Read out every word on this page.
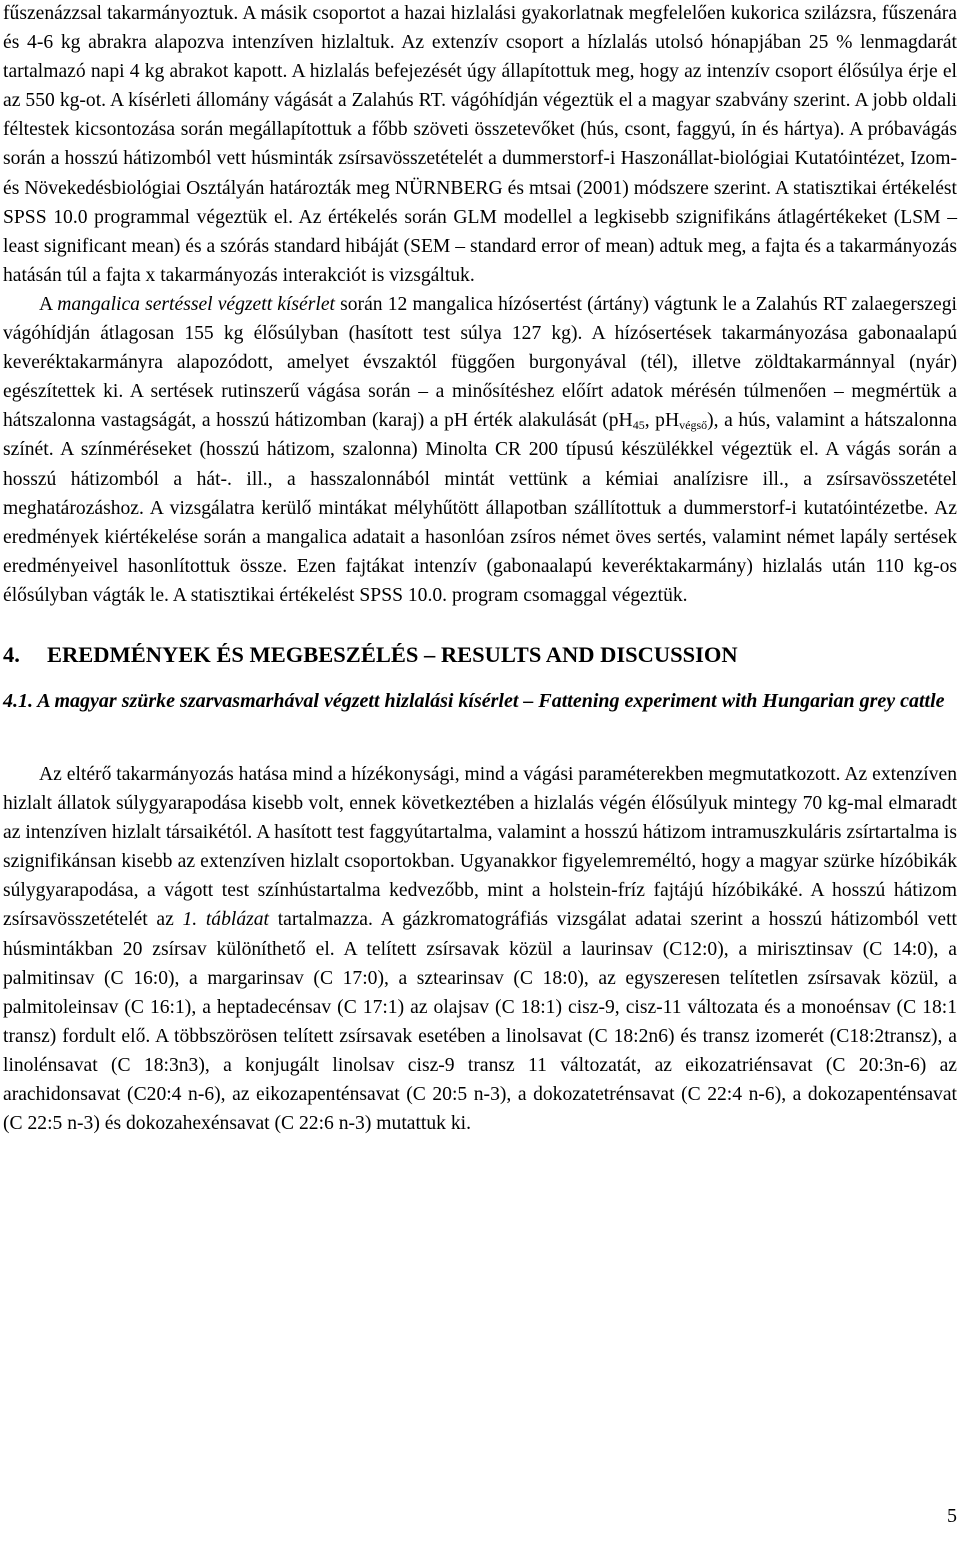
fűszenázzsal takarmányoztuk. A másik csoportot a hazai hizlalási gyakorlatnak megfelelően kukorica szilázsra, fűszenára és 4-6 kg abrakra alapozva intenzíven hizlaltuk. Az extenzív csoport a hízlalás utolsó hónapjában 25 % lenmagdarát tartalmazó napi 4 kg abrakot kapott. A hizlalás befejezését úgy állapítottuk meg, hogy az intenzív csoport élősúlya érje el az 550 kg-ot. A kísérleti állomány vágását a Zalahús RT. vágóhídján végeztük el a magyar szabvány szerint. A jobb oldali féltestek kicsontozása során megállapítottuk a főbb szöveti összetevőket (hús, csont, faggyú, ín és hártya). A próbavágás során a hosszú hátizomból vett húsminták zsírsavösszetételét a dummerstorf-i Haszonállat-biológiai Kutatóintézet, Izom- és Növekedésbiológiai Osztályán határozták meg NÜRNBERG és mtsai (2001) módszere szerint. A statisztikai értékelést SPSS 10.0 programmal végeztük el. Az értékelés során GLM modellel a legkisebb szignifikáns átlagértékeket (LSM – least significant mean) és a szórás standard hibáját (SEM – standard error of mean) adtuk meg, a fajta és a takarmányozás hatásán túl a fajta x takarmányozás interakciót is vizsgáltuk.

A mangalica sertéssel végzett kísérlet során 12 mangalica hízósertést (ártány) vágtunk le a Zalahús RT zalaegerszegi vágóhídján átlagosan 155 kg élősúlyban (hasított test súlya 127 kg). A hízósertések takarmányozása gabonaalapú keveréktakarmányra alapozódott, amelyet évszaktól függően burgonyával (tél), illetve zöldtakarmánnyal (nyár) egészítettek ki. A sertések rutinszerű vágása során – a minősítéshez előírt adatok mérésén túlmenően – megmértük a hátszalonna vastagságát, a hosszú hátizomban (karaj) a pH érték alakulását ($pH_{45}$, $pH_{végső}$), a hús, valamint a hátszalonna színét. A színméréseket (hosszú hátizom, szalonna) Minolta CR 200 típusú készülékkel végeztük el. A vágás során a hosszú hátizomból a hát-. ill., a hasszalonnából mintát vettünk a kémiai analízisre ill., a zsírsavösszetétel meghatározáshoz. A vizsgálatra kerülő mintákat mélyhűtött állapotban szállítottuk a dummerstorf-i kutatóintézetbe. Az eredmények kiértékelése során a mangalica adatait a hasonlóan zsíros német öves sertés, valamint német lapály sertések eredményeivel hasonlítottuk össze. Ezen fajtákat intenzív (gabonaalapú keveréktakarmány) hizlalás után 110 kg-os élősúlyban vágták le. A statisztikai értékelést SPSS 10.0. program csomaggal végeztük.

4. EREDMÉNYEK ÉS MEGBESZÉLÉS – RESULTS AND DISCUSSION
4.1. A magyar szürke szarvasmarhával végzett hizlalási kísérlet – Fattening experiment with Hungarian grey cattle

Az eltérő takarmányozás hatása mind a hízékonysági, mind a vágási paraméterekben megmutatkozott. Az extenzíven hizlalt állatok súlygyarapodása kisebb volt, ennek következtében a hizlalás végén élősúlyuk mintegy 70 kg-mal elmaradt az intenzíven hizlalt társaikétól. A hasított test faggyútartalma, valamint a hosszú hátizom intramuszkuláris zsírtartalma is szignifikánsan kisebb az extenzíven hizlalt csoportokban. Ugyanakkor figyelemreméltó, hogy a magyar szürke hízóbikák súlygyarapodása, a vágott test színhústartalma kedvezőbb, mint a holstein-fríz fajtájú hízóbikáké. A hosszú hátizom zsírsavösszetételét az 1. táblázat tartalmazza. A gázkromatográfiás vizsgálat adatai szerint a hosszú hátizomból vett húsmintákban 20 zsírsav különíthető el. A telített zsírsavak közül a laurinsav (C12:0), a mirisztinsav (C 14:0), a palmitinsav (C 16:0), a margarinsav (C 17:0), a sztearinsav (C 18:0), az egyszeresen telítetlen zsírsavak közül, a palmitoleinsav (C 16:1), a heptadecénsav (C 17:1) az olajsav (C 18:1) cisz-9, cisz-11 változata és a monoénsav (C 18:1 transz) fordult elő. A többszörösen telített zsírsavak esetében a linolsavat (C 18:2n6) és transz izomerét (C18:2transz), a linolénsavat (C 18:3n3), a konjugált linolsav cisz-9 transz 11 változatát, az eikozatriénsavat (C 20:3n-6) az arachidonsavat (C20:4 n-6), az eikozapenténsavat (C 20:5 n-3), a dokozatetrénsavat (C 22:4 n-6), a dokozapenténsavat (C 22:5 n-3) és dokozahexénsavat (C 22:6 n-3) mutattuk ki.

5
